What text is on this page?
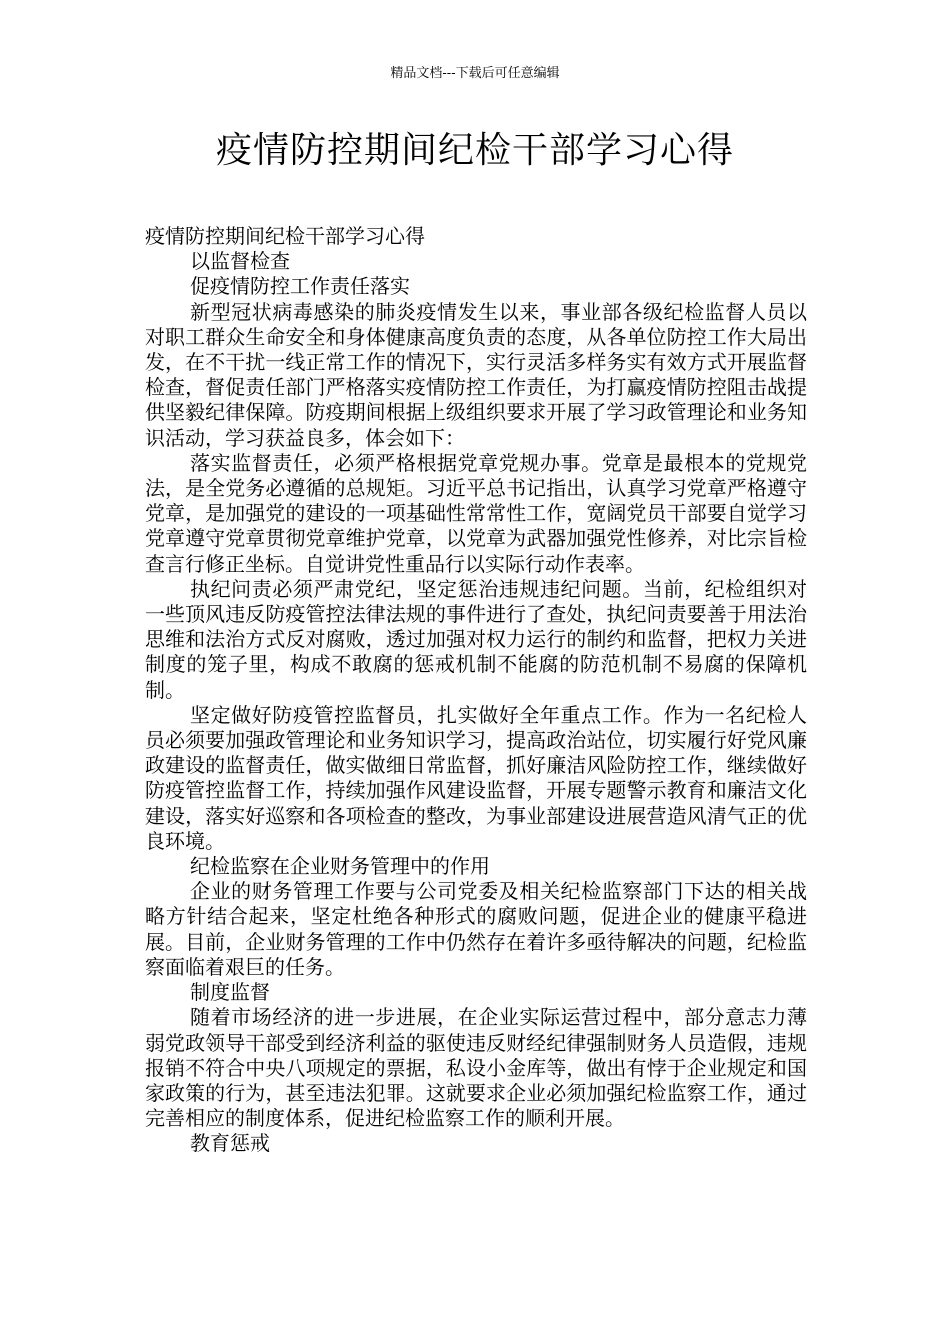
精品文档---下载后可任意编辑
疫情防控期间纪检干部学习心得

疫情防控期间纪检干部学习心得

以监督检查

促疫情防控工作责任落实

新型冠状病毒感染的肺炎疫情发生以来，事业部各级纪检监督人员以对职工群众生命安全和身体健康高度负责的态度，从各单位防控工作大局出发，在不干扰一线正常工作的情况下，实行灵活多样务实有效方式开展监督检查，督促责任部门严格落实疫情防控工作责任，为打赢疫情防控阻击战提供坚毅纪律保障。防疫期间根据上级组织要求开展了学习政管理论和业务知识活动，学习获益良多，体会如下：

落实监督责任，必须严格根据党章党规办事。党章是最根本的党规党法，是全党务必遵循的总规矩。习近平总书记指出，认真学习党章严格遵守党章，是加强党的建设的一项基础性常常性工作，宽阔党员干部要自觉学习党章遵守党章贯彻党章维护党章，以党章为武器加强党性修养，对比宗旨检查言行修正坐标。自觉讲党性重品行以实际行动作表率。

执纪问责必须严肃党纪，坚定惩治违规违纪问题。当前，纪检组织对一些顶风违反防疫管控法律法规的事件进行了查处，执纪问责要善于用法治思维和法治方式反对腐败，透过加强对权力运行的制约和监督，把权力关进制度的笼子里，构成不敢腐的惩戒机制不能腐的防范机制不易腐的保障机制。

坚定做好防疫管控监督员，扎实做好全年重点工作。作为一名纪检人员必须要加强政管理论和业务知识学习，提高政治站位，切实履行好党风廉政建设的监督责任，做实做细日常监督，抓好廉洁风险防控工作，继续做好防疫管控监督工作，持续加强作风建设监督，开展专题警示教育和廉洁文化建设，落实好巡察和各项检查的整改，为事业部建设进展营造风清气正的优良环境。

纪检监察在企业财务管理中的作用

企业的财务管理工作要与公司党委及相关纪检监察部门下达的相关战略方针结合起来，坚定杜绝各种形式的腐败问题，促进企业的健康平稳进展。目前，企业财务管理的工作中仍然存在着许多亟待解决的问题，纪检监察面临着艰巨的任务。

制度监督

随着市场经济的进一步进展，在企业实际运营过程中，部分意志力薄弱党政领导干部受到经济利益的驱使违反财经纪律强制财务人员造假，违规报销不符合中央八项规定的票据，私设小金库等，做出有悖于企业规定和国家政策的行为，甚至违法犯罪。这就要求企业必须加强纪检监察工作，通过完善相应的制度体系，促进纪检监察工作的顺利开展。

教育惩戒
